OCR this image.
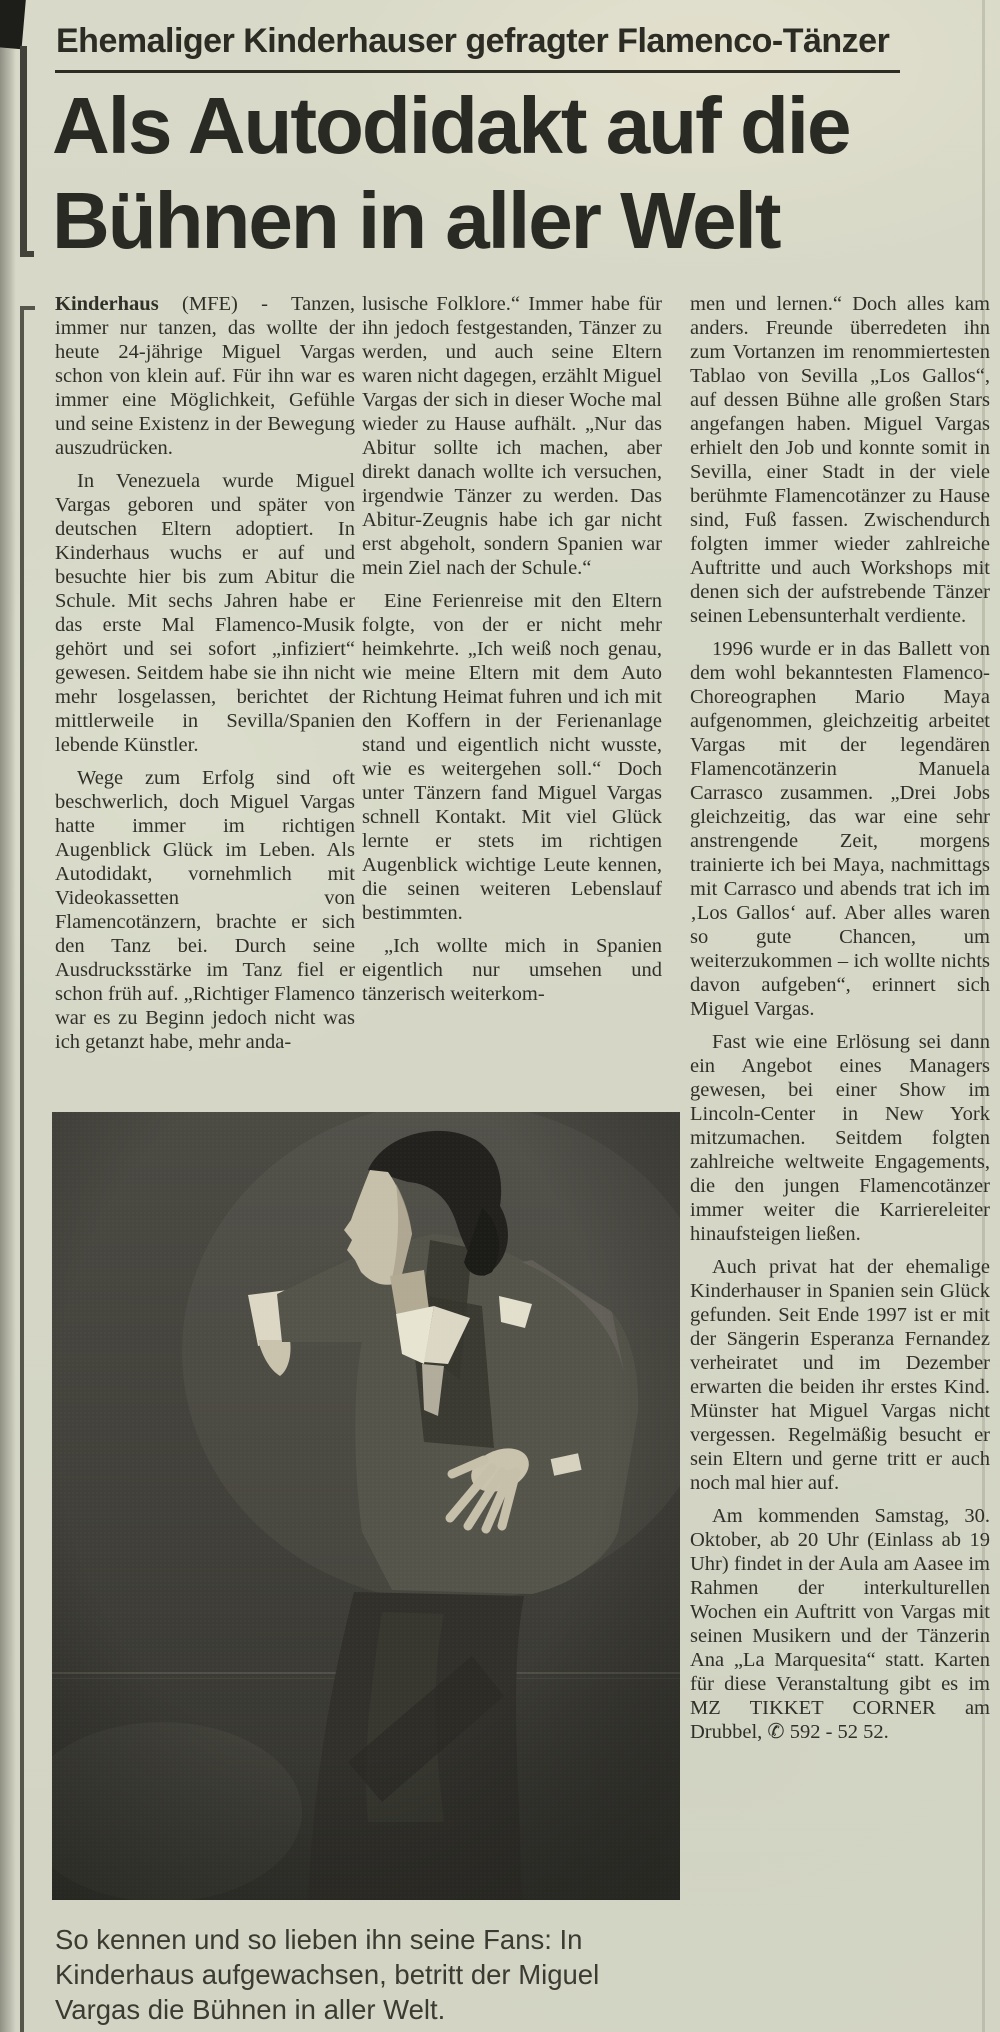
Ehemaliger Kinderhauser gefragter Flamenco-Tänzer
Als Autodidakt auf die
Bühnen in aller Welt

Kinderhaus (MFE) - Tanzen, immer nur tanzen, das wollte der heute 24-jährige Miguel Vargas schon von klein auf. Für ihn war es immer eine Möglichkeit, Gefühle und seine Existenz in der Bewegung auszudrücken.

In Venezuela wurde Miguel Vargas geboren und später von deutschen Eltern adoptiert. In Kinderhaus wuchs er auf und besuchte hier bis zum Abitur die Schule. Mit sechs Jahren habe er das erste Mal Flamenco-Musik gehört und sei sofort „infiziert“ gewesen. Seitdem habe sie ihn nicht mehr losgelassen, berichtet der mittlerweile in Sevilla/Spanien lebende Künstler.

Wege zum Erfolg sind oft beschwerlich, doch Miguel Vargas hatte immer im richtigen Augenblick Glück im Leben. Als Autodidakt, vornehmlich mit Videokassetten von Flamencotänzern, brachte er sich den Tanz bei. Durch seine Ausdrucksstärke im Tanz fiel er schon früh auf. „Richtiger Flamenco war es zu Beginn jedoch nicht was ich getanzt habe, mehr anda-

lusische Folklore.“ Immer habe für ihn jedoch festgestanden, Tänzer zu werden, und auch seine Eltern waren nicht dagegen, erzählt Miguel Vargas der sich in dieser Woche mal wieder zu Hause aufhält. „Nur das Abitur sollte ich machen, aber direkt danach wollte ich versuchen, irgendwie Tänzer zu werden. Das Abitur-Zeugnis habe ich gar nicht erst abgeholt, sondern Spanien war mein Ziel nach der Schule.“

Eine Ferienreise mit den Eltern folgte, von der er nicht mehr heimkehrte. „Ich weiß noch genau, wie meine Eltern mit dem Auto Richtung Heimat fuhren und ich mit den Koffern in der Ferienanlage stand und eigentlich nicht wusste, wie es weitergehen soll.“ Doch unter Tänzern fand Miguel Vargas schnell Kontakt. Mit viel Glück lernte er stets im richtigen Augenblick wichtige Leute kennen, die seinen weiteren Lebenslauf bestimmten.

„Ich wollte mich in Spanien eigentlich nur umsehen und tänzerisch weiterkom-

men und lernen.“ Doch alles kam anders. Freunde überredeten ihn zum Vortanzen im renommiertesten Tablao von Sevilla „Los Gallos“, auf dessen Bühne alle großen Stars angefangen haben. Miguel Vargas erhielt den Job und konnte somit in Sevilla, einer Stadt in der viele berühmte Flamencotänzer zu Hause sind, Fuß fassen. Zwischendurch folgten immer wieder zahlreiche Auftritte und auch Workshops mit denen sich der aufstrebende Tänzer seinen Lebensunterhalt verdiente.

1996 wurde er in das Ballett von dem wohl bekanntesten Flamenco-Choreographen Mario Maya aufgenommen, gleichzeitig arbeitet Vargas mit der legendären Flamencotänzerin Manuela Carrasco zusammen. „Drei Jobs gleichzeitig, das war eine sehr anstrengende Zeit, morgens trainierte ich bei Maya, nachmittags mit Carrasco und abends trat ich im ‚Los Gallos‘ auf. Aber alles waren so gute Chancen, um weiterzukommen – ich wollte nichts davon aufgeben“, erinnert sich Miguel Vargas.

Fast wie eine Erlösung sei dann ein Angebot eines Managers gewesen, bei einer Show im Lincoln-Center in New York mitzumachen. Seitdem folgten zahlreiche weltweite Engagements, die den jungen Flamencotänzer immer weiter die Karriereleiter hinaufsteigen ließen.

Auch privat hat der ehemalige Kinderhauser in Spanien sein Glück gefunden. Seit Ende 1997 ist er mit der Sängerin Esperanza Fernandez verheiratet und im Dezember erwarten die beiden ihr erstes Kind. Münster hat Miguel Vargas nicht vergessen. Regelmäßig besucht er sein Eltern und gerne tritt er auch noch mal hier auf.

Am kommenden Samstag, 30. Oktober, ab 20 Uhr (Einlass ab 19 Uhr) findet in der Aula am Aasee im Rahmen der interkulturellen Wochen ein Auftritt von Vargas mit seinen Musikern und der Tänzerin Ana „La Marquesita“ statt. Karten für diese Veranstaltung gibt es im MZ TIKKET CORNER am Drubbel, ✆ 592 - 52 52.

So kennen und so lieben ihn seine Fans: In Kinderhaus aufgewachsen, betritt der Miguel Vargas die Bühnen in aller Welt.
